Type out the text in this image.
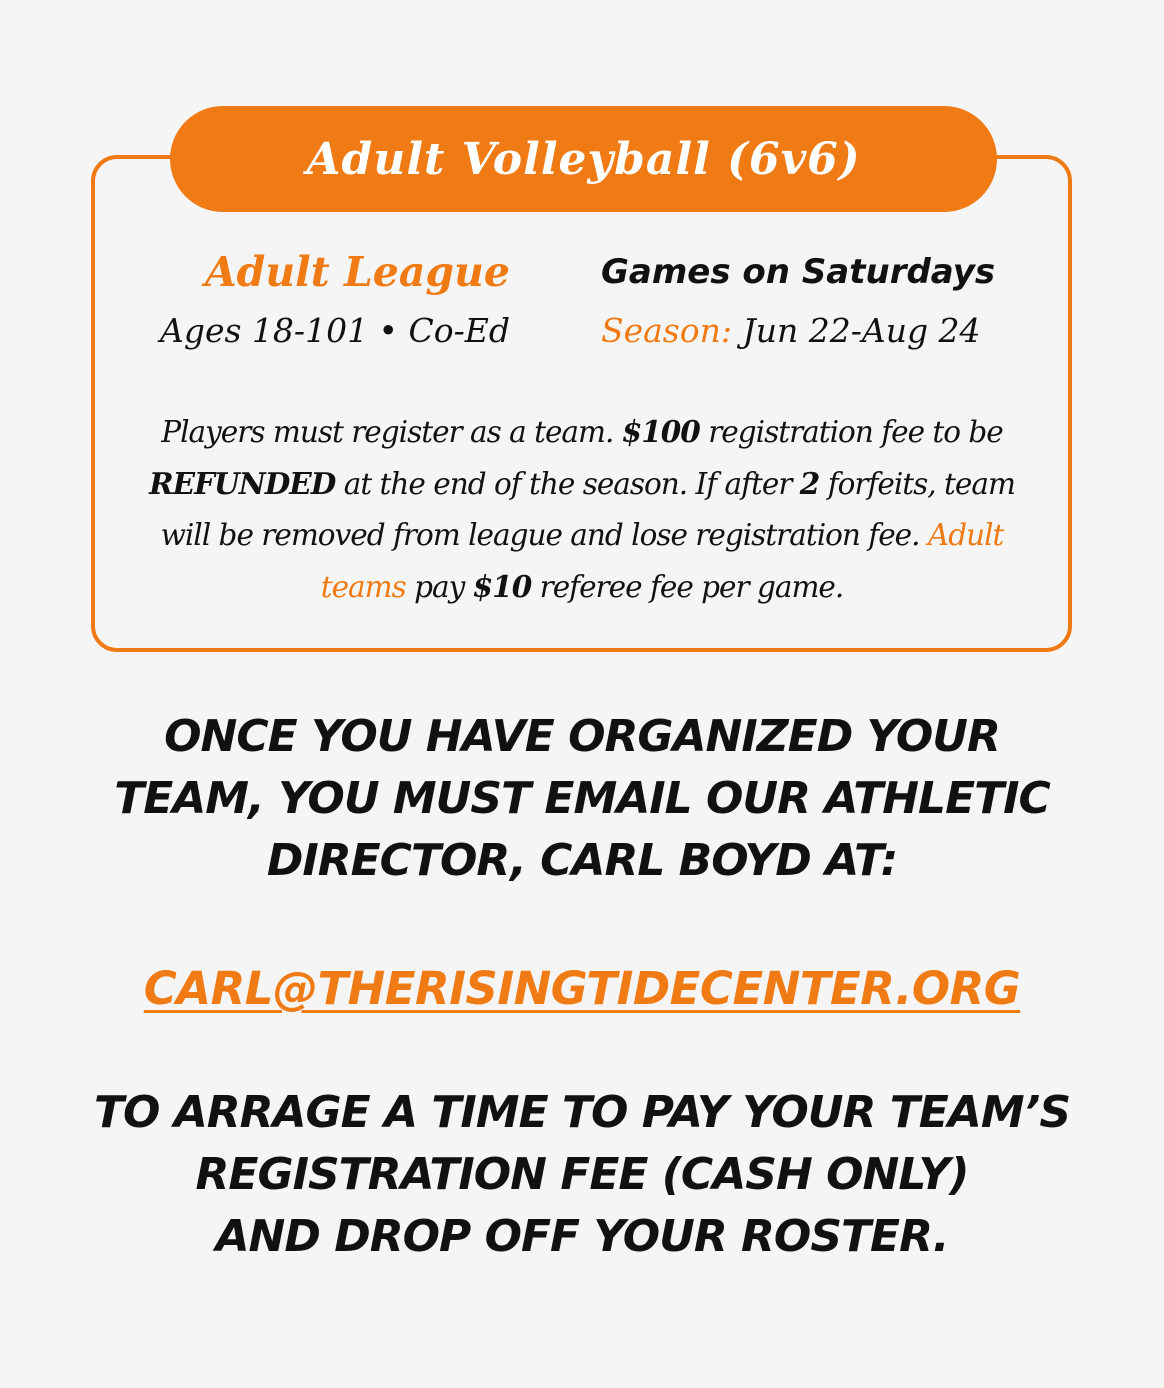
Adult Volleyball (6v6)
Adult League
Ages 18-101 • Co-Ed
Games on Saturdays
Season: Jun 22-Aug 24
Players must register as a team. $100 registration fee to be REFUNDED at the end of the season. If after 2 forfeits, team will be removed from league and lose registration fee. Adult teams pay $10 referee fee per game.
ONCE YOU HAVE ORGANIZED YOUR
TEAM, YOU MUST EMAIL OUR ATHLETIC
DIRECTOR, CARL BOYD AT:
CARL@THERISINGTIDECENTER.ORG
TO ARRAGE A TIME TO PAY YOUR TEAM’S
REGISTRATION FEE (CASH ONLY)
AND DROP OFF YOUR ROSTER.
